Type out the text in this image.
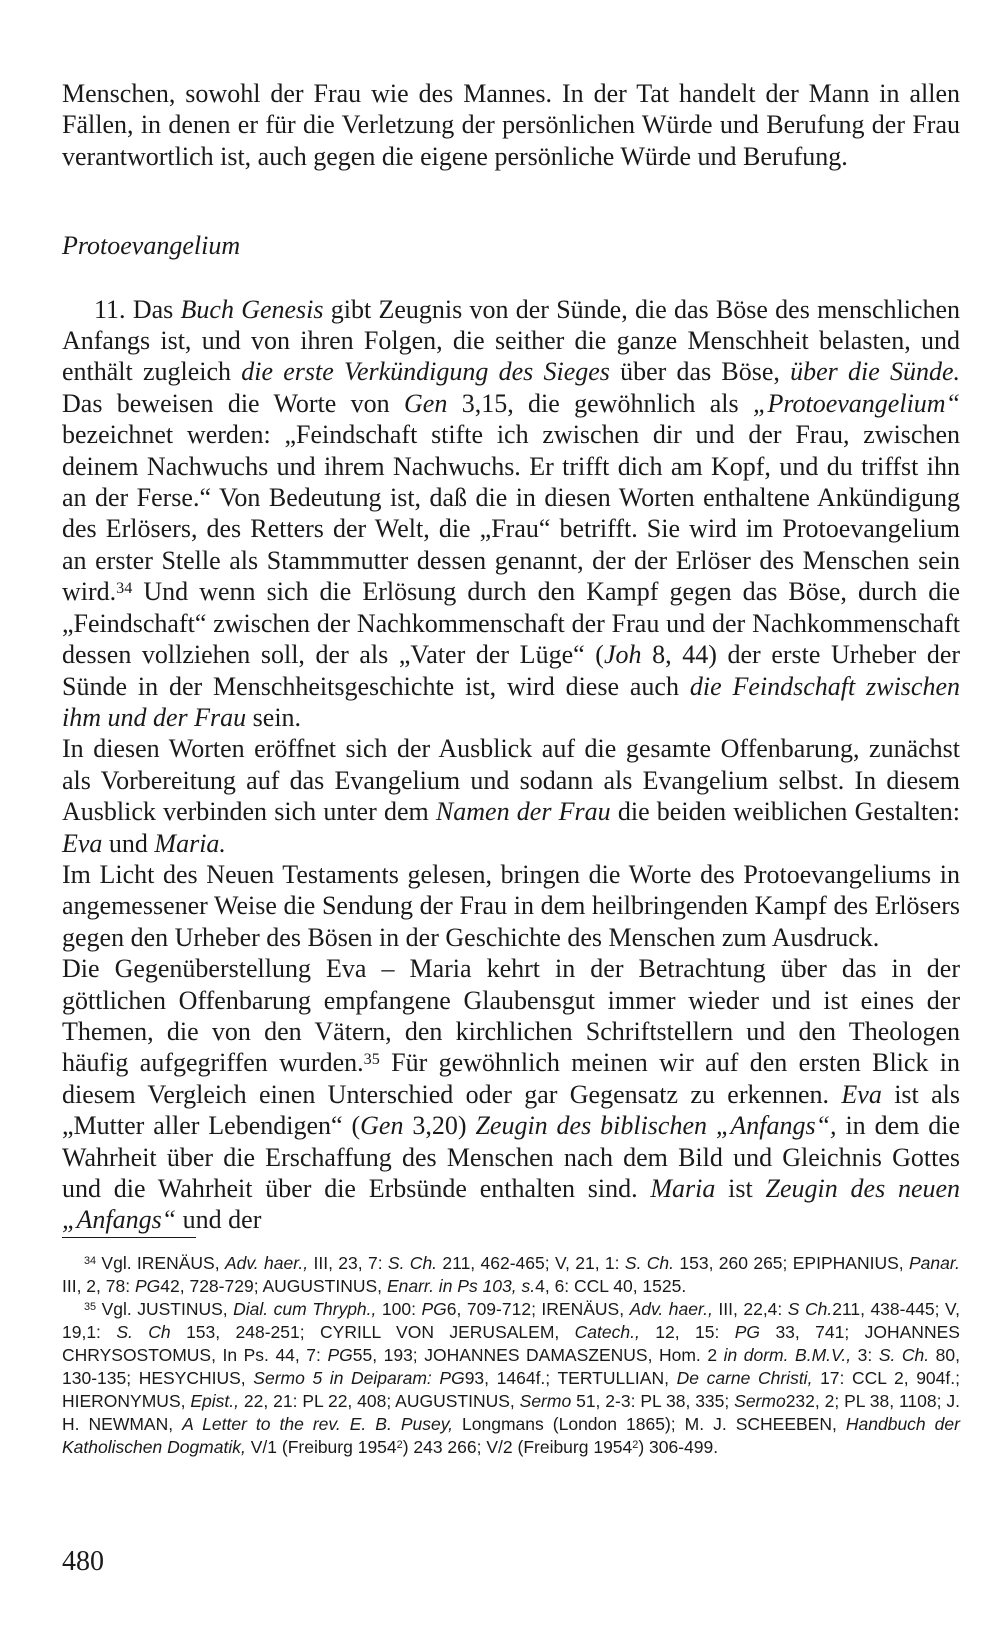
Menschen, sowohl der Frau wie des Mannes. In der Tat handelt der Mann in allen Fällen, in denen er für die Verletzung der persönlichen Würde und Berufung der Frau verantwortlich ist, auch gegen die eigene persönliche Würde und Berufung.

Protoevangelium

11. Das Buch Genesis gibt Zeugnis von der Sünde, die das Böse des menschlichen Anfangs ist, und von ihren Folgen, die seither die ganze Menschheit belasten, und enthält zugleich die erste Verkündigung des Sieges über das Böse, über die Sünde. Das beweisen die Worte von Gen 3,15, die gewöhnlich als „Protoevangelium“ bezeichnet werden: „Feindschaft stifte ich zwischen dir und der Frau, zwischen deinem Nachwuchs und ihrem Nachwuchs. Er trifft dich am Kopf, und du triffst ihn an der Ferse.“ Von Bedeutung ist, daß die in diesen Worten enthaltene Ankündigung des Erlösers, des Retters der Welt, die „Frau“ betrifft. Sie wird im Protoevangelium an erster Stelle als Stammmutter dessen genannt, der der Erlöser des Menschen sein wird.$^{34}$ Und wenn sich die Erlösung durch den Kampf gegen das Böse, durch die „Feindschaft“ zwischen der Nachkommenschaft der Frau und der Nachkommenschaft dessen vollziehen soll, der als „Vater der Lüge“ (Joh 8, 44) der erste Urheber der Sünde in der Menschheitsgeschichte ist, wird diese auch die Feindschaft zwischen ihm und der Frau sein.

In diesen Worten eröffnet sich der Ausblick auf die gesamte Offenbarung, zunächst als Vorbereitung auf das Evangelium und sodann als Evangelium selbst. In diesem Ausblick verbinden sich unter dem Namen der Frau die beiden weiblichen Gestalten: Eva und Maria.

Im Licht des Neuen Testaments gelesen, bringen die Worte des Protoevangeliums in angemessener Weise die Sendung der Frau in dem heilbringenden Kampf des Erlösers gegen den Urheber des Bösen in der Geschichte des Menschen zum Ausdruck.

Die Gegenüberstellung Eva – Maria kehrt in der Betrachtung über das in der göttlichen Offenbarung empfangene Glaubensgut immer wieder und ist eines der Themen, die von den Vätern, den kirchlichen Schriftstellern und den Theologen häufig aufgegriffen wurden.$^{35}$ Für gewöhnlich meinen wir auf den ersten Blick in diesem Vergleich einen Unterschied oder gar Gegensatz zu erkennen. Eva ist als „Mutter aller Lebendigen“ (Gen 3,20) Zeugin des biblischen „Anfangs“, in dem die Wahrheit über die Erschaffung des Menschen nach dem Bild und Gleichnis Gottes und die Wahrheit über die Erbsünde enthalten sind. Maria ist Zeugin des neuen „Anfangs“ und der

$^{34}$ Vgl. IRENÄUS, Adv. haer., III, 23, 7: S. Ch. 211, 462-465; V, 21, 1: S. Ch. 153, 260 265; EPIPHANIUS, Panar. III, 2, 78: PG42, 728-729; AUGUSTINUS, Enarr. in Ps 103, s.4, 6: CCL 40, 1525.

$^{35}$ Vgl. JUSTINUS, Dial. cum Thryph., 100: PG6, 709-712; IRENÄUS, Adv. haer., III, 22,4: S Ch.211, 438-445; V, 19,1: S. Ch 153, 248-251; CYRILL VON JERUSALEM, Catech., 12, 15: PG 33, 741; JOHANNES CHRYSOSTOMUS, In Ps. 44, 7: PG55, 193; JOHANNES DAMASZENUS, Hom. 2 in dorm. B.M.V., 3: S. Ch. 80, 130-135; HESYCHIUS, Sermo 5 in Deiparam: PG93, 1464f.; TERTULLIAN, De carne Christi, 17: CCL 2, 904f.; HIERONYMUS, Epist., 22, 21: PL 22, 408; AUGUSTINUS, Sermo 51, 2-3: PL 38, 335; Sermo232, 2; PL 38, 1108; J. H. NEWMAN, A Letter to the rev. E. B. Pusey, Longmans (London 1865); M. J. SCHEEBEN, Handbuch der Katholischen Dogmatik, V/1 (Freiburg 1954$^2$) 243 266; V/2 (Freiburg 1954$^2$) 306-499.

480
